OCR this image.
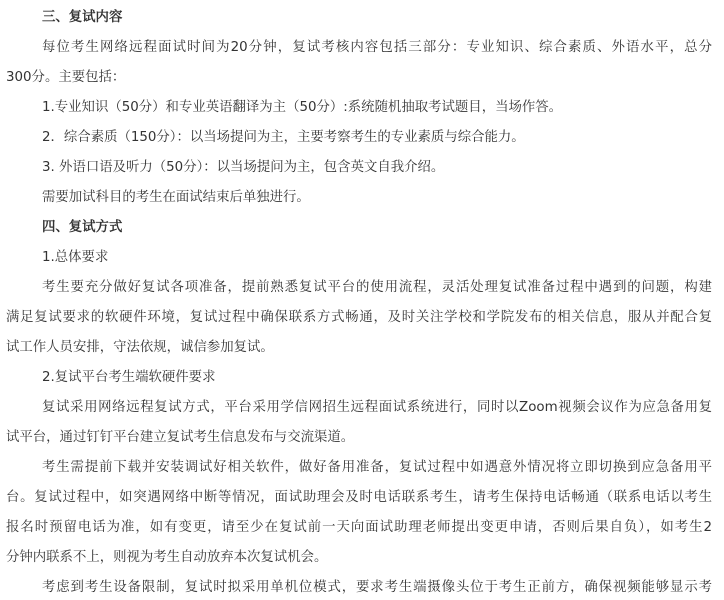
三、复试内容
每位考生网络远程面试时间为20分钟，复试考核内容包括三部分：专业知识、综合素质、外语水平，总分
300分。主要包括：
1.专业知识（50分）和专业英语翻译为主（50分）:系统随机抽取考试题目，当场作答。
2．综合素质（150分）：以当场提问为主，主要考察考生的专业素质与综合能力。
3. 外语口语及听力（50分）：以当场提问为主，包含英文自我介绍。
需要加试科目的考生在面试结束后单独进行。
四、复试方式
1.总体要求
考生要充分做好复试各项准备，提前熟悉复试平台的使用流程，灵活处理复试准备过程中遇到的问题，构建
满足复试要求的软硬件环境，复试过程中确保联系方式畅通，及时关注学校和学院发布的相关信息，服从并配合复
试工作人员安排，守法依规，诚信参加复试。
2.复试平台考生端软硬件要求
复试采用网络远程复试方式，平台采用学信网招生远程面试系统进行，同时以Zoom视频会议作为应急备用复
试平台，通过钉钉平台建立复试考生信息发布与交流渠道。
考生需提前下载并安装调试好相关软件，做好备用准备，复试过程中如遇意外情况将立即切换到应急备用平
台。复试过程中，如突遇网络中断等情况，面试助理会及时电话联系考生，请考生保持电话畅通（联系电话以考生
报名时预留电话为准，如有变更，请至少在复试前一天向面试助理老师提出变更申请，否则后果自负），如考生2
分钟内联系不上，则视为考生自动放弃本次复试机会。
考虑到考生设备限制，复试时拟采用单机位模式，要求考生端摄像头位于考生正前方，确保视频能够显示考
